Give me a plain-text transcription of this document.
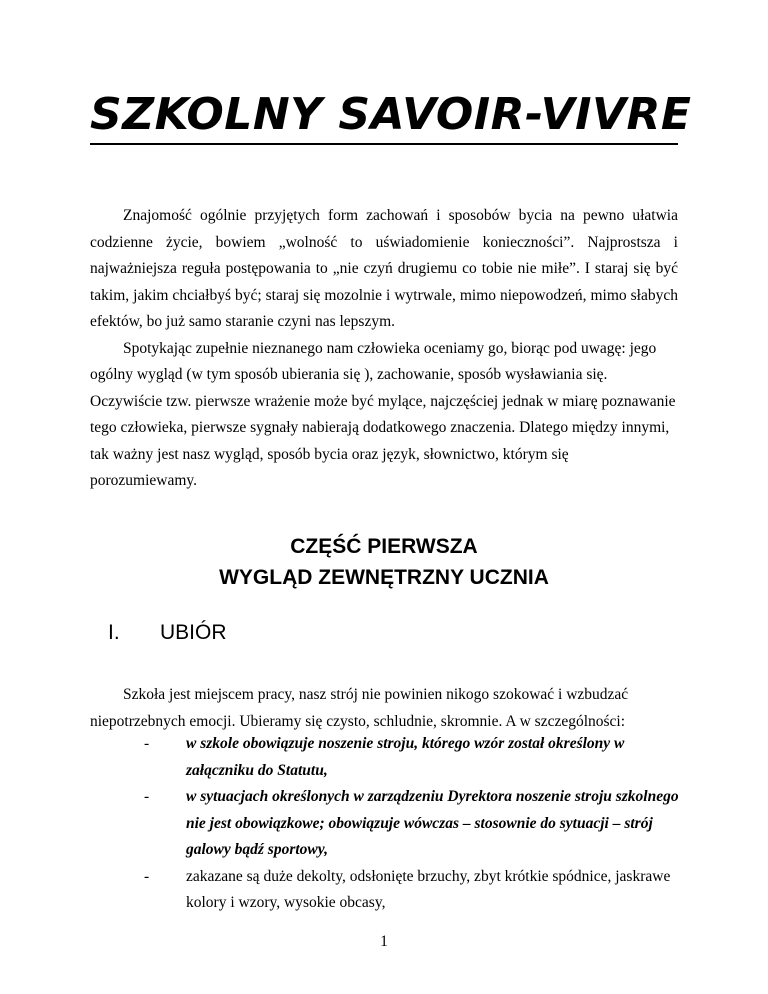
SZKOLNY SAVOIR-VIVRE

Znajomość ogólnie przyjętych form zachowań i sposobów bycia na pewno ułatwia codzienne życie, bowiem „wolność to uświadomienie konieczności”. Najprostsza i najważniejsza reguła postępowania to „nie czyń drugiemu co tobie nie miłe”. I staraj się być takim, jakim chciałbyś być; staraj się mozolnie i wytrwale, mimo niepowodzeń, mimo słabych efektów, bo już samo staranie czyni nas lepszym.

Spotykając zupełnie nieznanego nam człowieka oceniamy go, biorąc pod uwagę: jego ogólny wygląd (w tym sposób ubierania się ), zachowanie, sposób wysławiania się. Oczywiście tzw. pierwsze wrażenie może być mylące, najczęściej jednak w miarę poznawanie tego człowieka, pierwsze sygnały nabierają dodatkowego znaczenia. Dlatego między innymi, tak ważny jest nasz wygląd, sposób bycia oraz język, słownictwo, którym się porozumiewamy.

CZĘŚĆ PIERWSZA
WYGLĄD ZEWNĘTRZNY UCZNIA
I. UBIÓR

Szkoła jest miejscem pracy, nasz strój nie powinien nikogo szokować i wzbudzać niepotrzebnych emocji. Ubieramy się czysto, schludnie, skromnie. A w szczególności:

- w szkole obowiązuje noszenie stroju, którego wzór został określony w załączniku do Statutu,
- w sytuacjach określonych w zarządzeniu Dyrektora noszenie stroju szkolnego nie jest obowiązkowe; obowiązuje wówczas – stosownie do sytuacji – strój galowy bądź sportowy,
- zakazane są duże dekolty, odsłonięte brzuchy, zbyt krótkie spódnice, jaskrawe kolory i wzory, wysokie obcasy,
1
